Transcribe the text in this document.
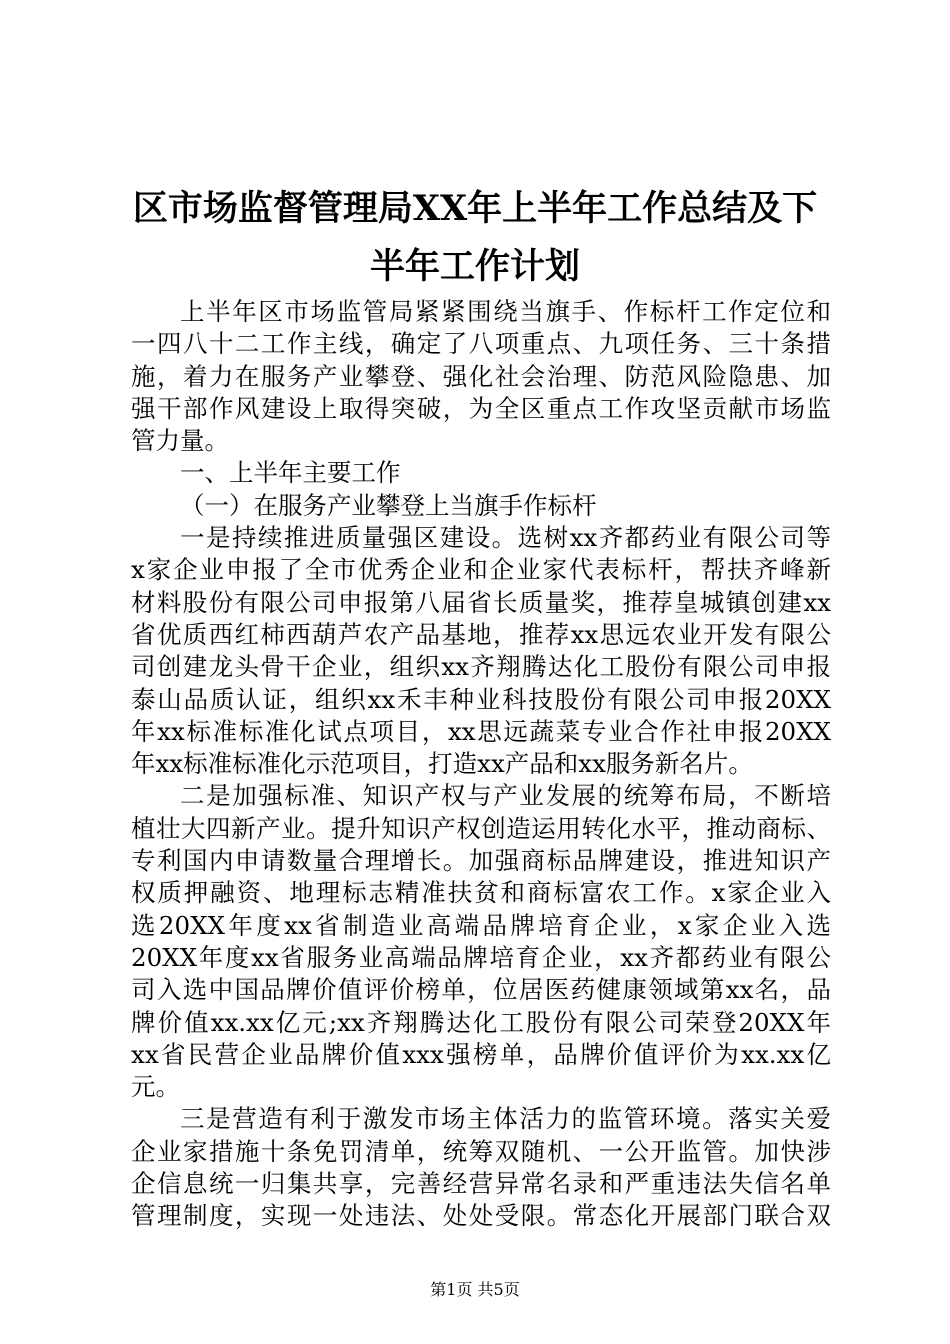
区市场监督管理局XX年上半年工作总结及下
半年工作计划
上半年区市场监管局紧紧围绕当旗手、作标杆工作定位和
一四八十二工作主线，确定了八项重点、九项任务、三十条措
施，着力在服务产业攀登、强化社会治理、防范风险隐患、加
强干部作风建设上取得突破，为全区重点工作攻坚贡献市场监
管力量。
一、上半年主要工作
（一）在服务产业攀登上当旗手作标杆
一是持续推进质量强区建设。选树xx齐都药业有限公司等
x家企业申报了全市优秀企业和企业家代表标杆，帮扶齐峰新
材料股份有限公司申报第八届省长质量奖，推荐皇城镇创建xx
省优质西红柿西葫芦农产品基地，推荐xx思远农业开发有限公
司创建龙头骨干企业，组织xx齐翔腾达化工股份有限公司申报
泰山品质认证，组织xx禾丰种业科技股份有限公司申报20XX
年xx标准标准化试点项目，xx思远蔬菜专业合作社申报20XX
年xx标准标准化示范项目，打造xx产品和xx服务新名片。
二是加强标准、知识产权与产业发展的统筹布局，不断培
植壮大四新产业。提升知识产权创造运用转化水平，推动商标、
专利国内申请数量合理增长。加强商标品牌建设，推进知识产
权质押融资、地理标志精准扶贫和商标富农工作。x家企业入
选20XX年度xx省制造业高端品牌培育企业，x家企业入选
20XX年度xx省服务业高端品牌培育企业，xx齐都药业有限公
司入选中国品牌价值评价榜单，位居医药健康领域第xx名，品
牌价值xx.xx亿元;xx齐翔腾达化工股份有限公司荣登20XX年
xx省民营企业品牌价值xxx强榜单，品牌价值评价为xx.xx亿
元。
三是营造有利于激发市场主体活力的监管环境。落实关爱
企业家措施十条免罚清单，统筹双随机、一公开监管。加快涉
企信息统一归集共享，完善经营异常名录和严重违法失信名单
管理制度，实现一处违法、处处受限。常态化开展部门联合双
第1页 共5页
